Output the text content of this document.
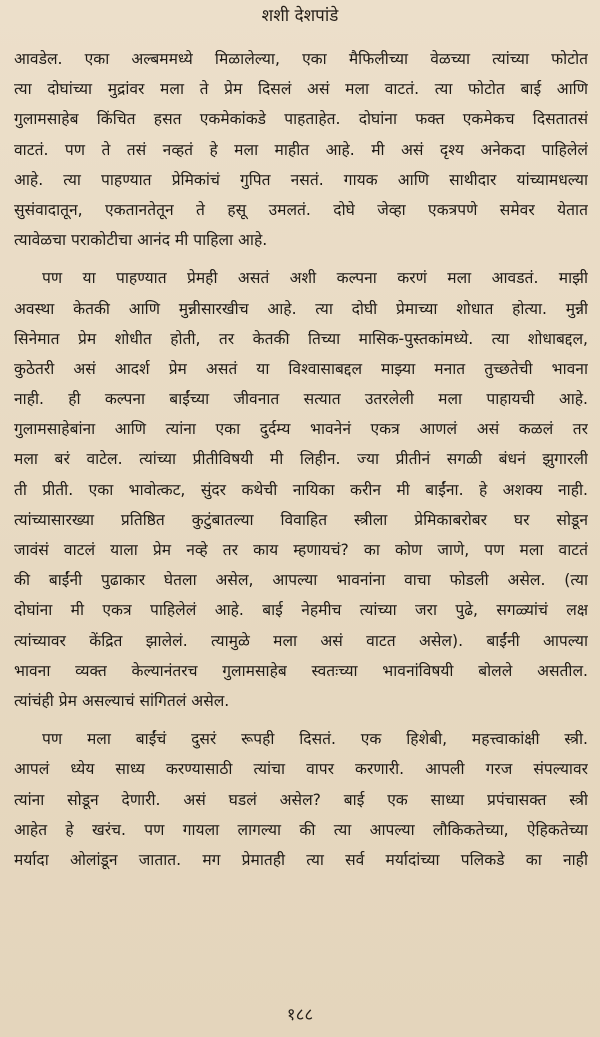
शशी देशपांडे
आवडेल. एका अल्बममध्ये मिळालेल्या, एका मैफिलीच्या वेळच्या त्यांच्या फोटोत
त्या दोघांच्या मुद्रांवर मला ते प्रेम दिसलं असं मला वाटतं. त्या फोटोत बाई आणि
गुलामसाहेब किंचित हसत एकमेकांकडे पाहताहेत. दोघांना फक्त एकमेकच दिसतातसं
वाटतं. पण ते तसं नव्हतं हे मला माहीत आहे. मी असं दृश्य अनेकदा पाहिलेलं
आहे. त्या पाहण्यात प्रेमिकांचं गुपित नसतं. गायक आणि साथीदार यांच्यामधल्या
सुसंवादातून, एकतानतेतून ते हसू उमलतं. दोघे जेव्हा एकत्रपणे समेवर येतात
त्यावेळचा पराकोटीचा आनंद मी पाहिला आहे.
पण या पाहण्यात प्रेमही असतं अशी कल्पना करणं मला आवडतं. माझी
अवस्था केतकी आणि मुन्नीसारखीच आहे. त्या दोघी प्रेमाच्या शोधात होत्या. मुन्नी
सिनेमात प्रेम शोधीत होती, तर केतकी तिच्या मासिक-पुस्तकांमध्ये. त्या शोधाबद्दल,
कुठेतरी असं आदर्श प्रेम असतं या विश्वासाबद्दल माझ्या मनात तुच्छतेची भावना
नाही. ही कल्पना बाईंच्या जीवनात सत्यात उतरलेली मला पाहायची आहे.
गुलामसाहेबांना आणि त्यांना एका दुर्दम्य भावनेनं एकत्र आणलं असं कळलं तर
मला बरं वाटेल. त्यांच्या प्रीतीविषयी मी लिहीन. ज्या प्रीतीनं सगळी बंधनं झुगारली
ती प्रीती. एका भावोत्कट, सुंदर कथेची नायिका करीन मी बाईंना. हे अशक्य नाही.
त्यांच्यासारख्या प्रतिष्ठित कुटुंबातल्या विवाहित स्त्रीला प्रेमिकाबरोबर घर सोडून
जावंसं वाटलं याला प्रेम नव्हे तर काय म्हणायचं? का कोण जाणे, पण मला वाटतं
की बाईंनी पुढाकार घेतला असेल, आपल्या भावनांना वाचा फोडली असेल. (त्या
दोघांना मी एकत्र पाहिलेलं आहे. बाई नेहमीच त्यांच्या जरा पुढे, सगळ्यांचं लक्ष
त्यांच्यावर केंद्रित झालेलं. त्यामुळे मला असं वाटत असेल). बाईंनी आपल्या
भावना व्यक्त केल्यानंतरच गुलामसाहेब स्वतःच्या भावनांविषयी बोलले असतील.
त्यांचंही प्रेम असल्याचं सांगितलं असेल.
पण मला बाईंचं दुसरं रूपही दिसतं. एक हिशेबी, महत्त्वाकांक्षी स्त्री.
आपलं ध्येय साध्य करण्यासाठी त्यांचा वापर करणारी. आपली गरज संपल्यावर
त्यांना सोडून देणारी. असं घडलं असेल? बाई एक साध्या प्रपंचासक्त स्त्री
आहेत हे खरंच. पण गायला लागल्या की त्या आपल्या लौकिकतेच्या, ऐहिकतेच्या
मर्यादा ओलांडून जातात. मग प्रेमातही त्या सर्व मर्यादांच्या पलिकडे का नाही
१८८
